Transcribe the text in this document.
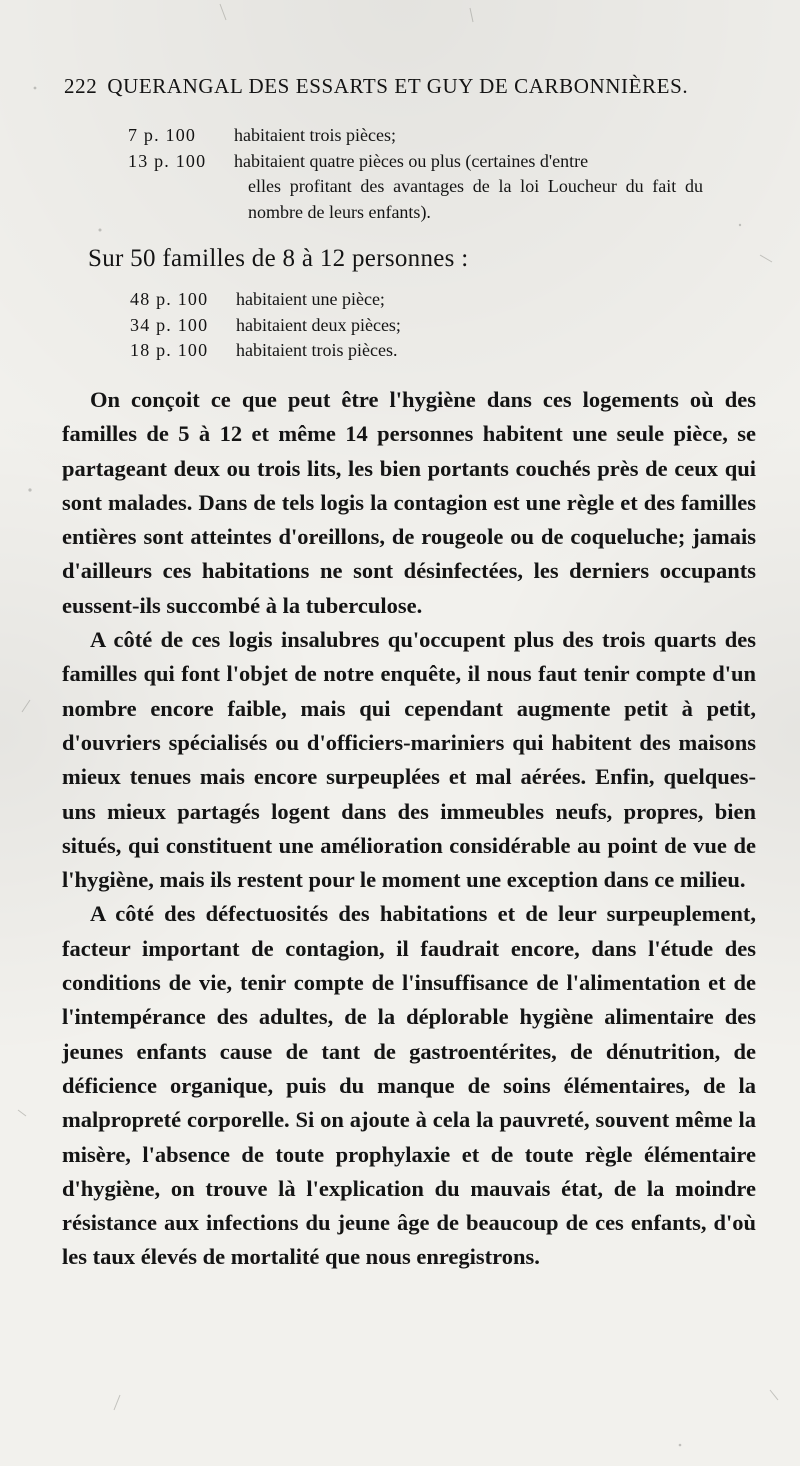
222 QUERANGAL DES ESSARTS ET GUY DE CARBONNIÈRES.
7 p. 100	habitaient trois pièces;
13 p. 100	habitaient quatre pièces ou plus (certaines d'entre
elles profitant des avantages de la loi Loucheur du fait du nombre de leurs enfants).
Sur 50 familles de 8 à 12 personnes :
48 p. 100	habitaient une pièce;
34 p. 100	habitaient deux pièces;
18 p. 100	habitaient trois pièces.

On conçoit ce que peut être l'hygiène dans ces logements où des familles de 5 à 12 et même 14 personnes habitent une seule pièce, se partageant deux ou trois lits, les bien portants couchés près de ceux qui sont malades. Dans de tels logis la contagion est une règle et des familles entières sont atteintes d'oreillons, de rougeole ou de coqueluche; jamais d'ailleurs ces habitations ne sont désinfectées, les derniers occupants eussent-ils succombé à la tuberculose.

A côté de ces logis insalubres qu'occupent plus des trois quarts des familles qui font l'objet de notre enquête, il nous faut tenir compte d'un nombre encore faible, mais qui cependant augmente petit à petit, d'ouvriers spécialisés ou d'officiers-mariniers qui habitent des maisons mieux tenues mais encore surpeuplées et mal aérées. Enfin, quelques-uns mieux partagés logent dans des immeubles neufs, propres, bien situés, qui constituent une amélioration considérable au point de vue de l'hygiène, mais ils restent pour le moment une exception dans ce milieu.

A côté des défectuosités des habitations et de leur surpeuplement, facteur important de contagion, il faudrait encore, dans l'étude des conditions de vie, tenir compte de l'insuffisance de l'alimentation et de l'intempérance des adultes, de la déplorable hygiène alimentaire des jeunes enfants cause de tant de gastroentérites, de dénutrition, de déficience organique, puis du manque de soins élémentaires, de la malpropreté corporelle. Si on ajoute à cela la pauvreté, souvent même la misère, l'absence de toute prophylaxie et de toute règle élémentaire d'hygiène, on trouve là l'explication du mauvais état, de la moindre résistance aux infections du jeune âge de beaucoup de ces enfants, d'où les taux élevés de mortalité que nous enregistrons.
